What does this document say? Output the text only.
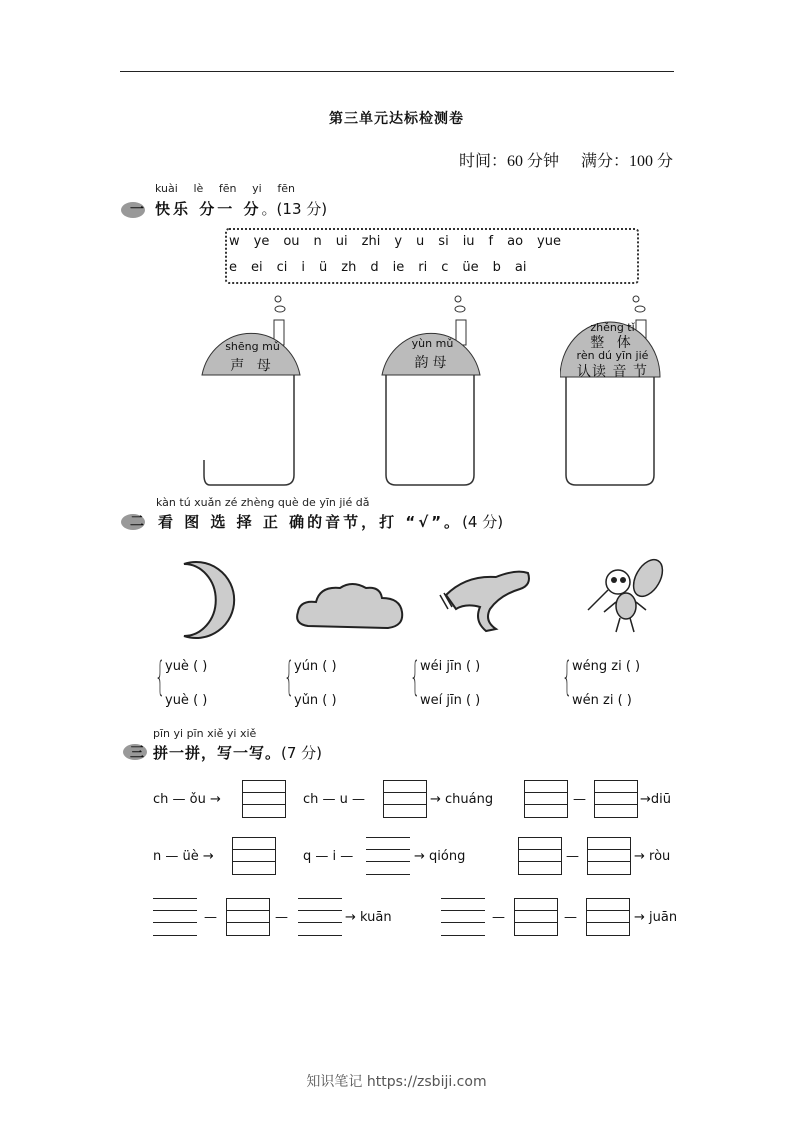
第三单元达标检测卷
时间：60 分钟 满分：100 分
一
kuài lè fēn yi fēn
快乐 分一 分。(13 分)
w ye ou n ui zhi y u si iu f ao yue
e ei ci i ü zh d ie ri c üe b ai
shēng mǔ
声 母
yùn mǔ
韵母
zhěng tǐ
整 体
rèn dú yīn jié
认读 音 节
二
kàn tú xuǎn zé zhèng què de yīn jié dǎ
看 图 选 择 正 确的音节，打 “√”。(4 分)
{ yuè ( )
yuè ( )
{ yún ( )
yǔn ( )
{ wéi jīn ( )
weí jīn ( )
{ wéng zi ( )
wén zi ( )
三
pīn yi pīn xiě yi xiě
拼一拼，写一写。(7 分)
ch — ǒu →	ch — u —	→ chuáng	—	→diū
n — üè →	q — i —	→ qióng	—	→ ròu
—	—	→ kuān	—	—	→ juān
知识笔记 https://zsbiji.com
